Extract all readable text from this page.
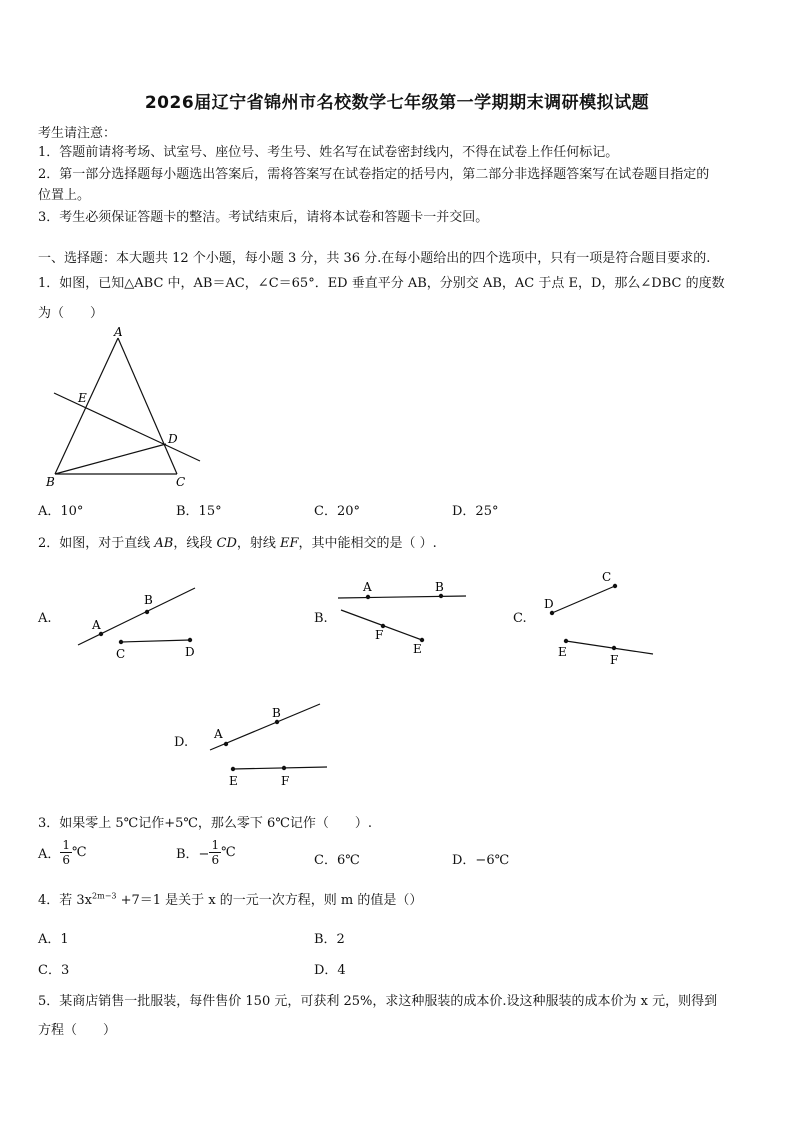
2026届辽宁省锦州市名校数学七年级第一学期期末调研模拟试题
考生请注意：
1．答题前请将考场、试室号、座位号、考生号、姓名写在试卷密封线内，不得在试卷上作任何标记。
2．第一部分选择题每小题选出答案后，需将答案写在试卷指定的括号内，第二部分非选择题答案写在试卷题目指定的
位置上。
3．考生必须保证答题卡的整洁。考试结束后，请将本试卷和答题卡一并交回。
一、选择题：本大题共 12 个小题，每小题 3 分，共 36 分.在每小题给出的四个选项中，只有一项是符合题目要求的.
1．如图，已知△ABC 中，AB＝AC，∠C＝65°．ED 垂直平分 AB，分别交 AB，AC 于点 E，D，那么∠DBC 的度数
为（　　）
A
E
D
B	C
A．10°	B．15°	C．20°	D．25°
2．如图，对于直线 AB，线段 CD，射线 EF，其中能相交的是（ ）.
A.	A
B
C	D
B.
A	B
F
E
C.
C
D
E
F
D.
A
B
E	F
3．如果零上 5℃记作+5℃，那么零下 6℃记作（　　）.
A． $\frac{1}{6}$ ℃	B．− $\frac{1}{6}$ ℃
C．6℃	D．−6℃
4．若 $3x^{2m-3} +7=1$ 是关于 x 的一元一次方程，则 m 的值是（）
A．1	B．2
C．3	D．4
5．某商店销售一批服装，每件售价 150 元，可获利 25%，求这种服装的成本价.设这种服装的成本价为 x 元，则得到
方程（　　）
